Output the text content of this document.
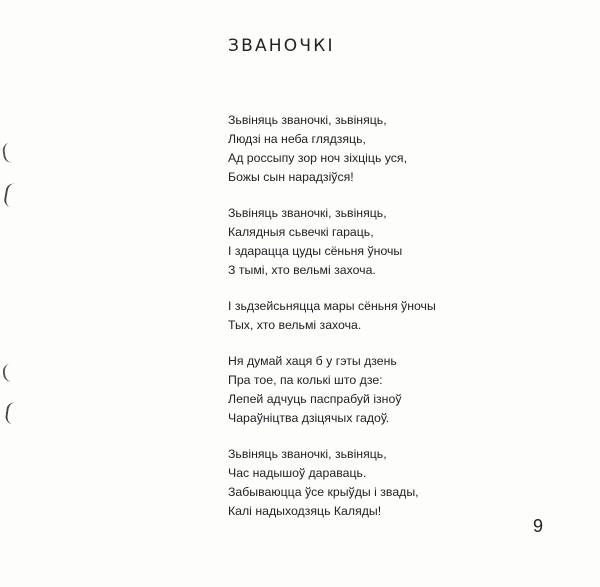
ЗВАНОЧКІ
Зьвіняць званочкі, зьвіняць,
Людзі на неба глядзяць,
Ад россыпу зор ноч зіхціць уся,
Божы сын нарадзіўся!
Зьвіняць званочкі, зьвіняць,
Калядныя сьвечкі гараць,
І здарацца цуды сёньня ўночы
З тымі, хто вельмі захоча.
І зьдзейсьняцца мары сёньня ўночы
Тых, хто вельмі захоча.
Ня думай хаця б у гэты дзень
Пра тое, па колькі што дзе:
Лепей адчуць паспрабуй ізноў
Чараўніцтва дзіцячых гадоў.
Зьвіняць званочкі, зьвіняць,
Час надышоў дараваць.
Забываюцца ўсе крыўды і звады,
Калі надыходзяць Каляды!
9
